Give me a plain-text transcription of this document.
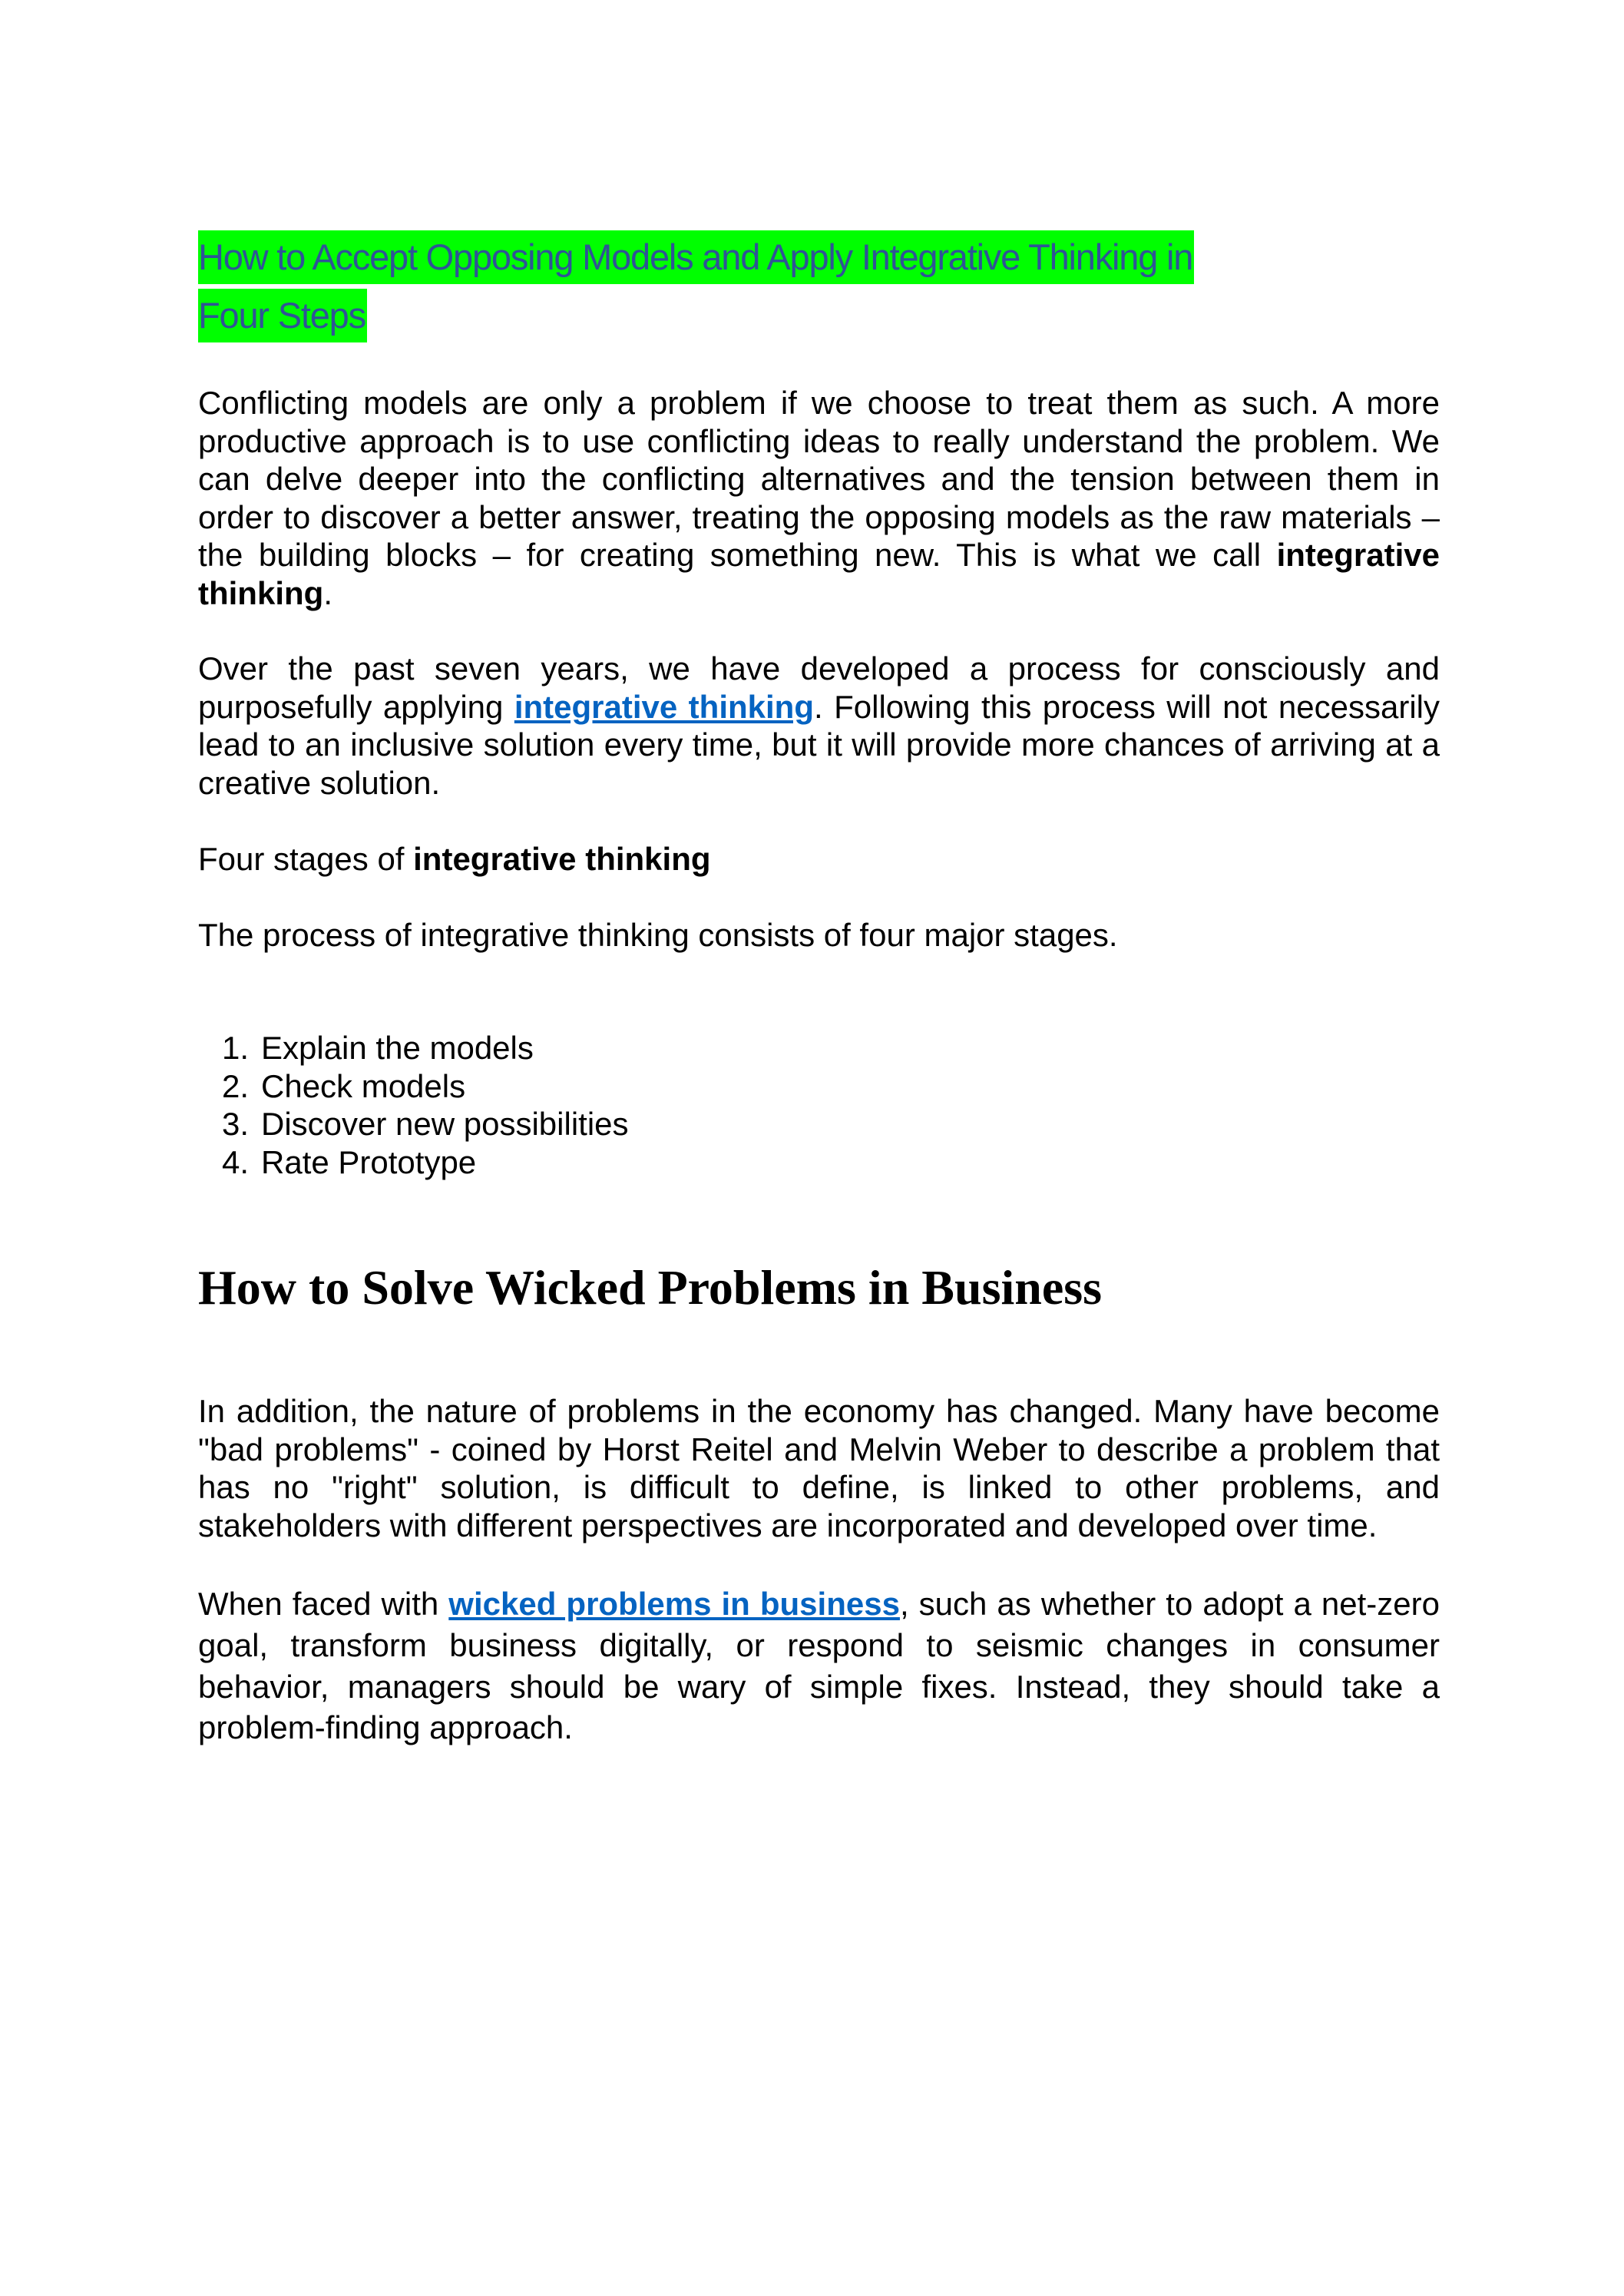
How to Accept Opposing Models and Apply Integrative Thinking in
Four Steps

Conflicting models are only a problem if we choose to treat them as such. A more productive approach is to use conflicting ideas to really understand the problem. We can delve deeper into the conflicting alternatives and the tension between them in order to discover a better answer, treating the opposing models as the raw materials – the building blocks – for creating something new. This is what we call integrative thinking.

Over the past seven years, we have developed a process for consciously and purposefully applying integrative thinking. Following this process will not necessarily lead to an inclusive solution every time, but it will provide more chances of arriving at a creative solution.

Four stages of integrative thinking

The process of integrative thinking consists of four major stages.

1. Explain the models
2. Check models
3. Discover new possibilities
4. Rate Prototype
How to Solve Wicked Problems in Business

In addition, the nature of problems in the economy has changed. Many have become "bad problems" - coined by Horst Reitel and Melvin Weber to describe a problem that has no "right" solution, is difficult to define, is linked to other problems, and stakeholders with different perspectives are incorporated and developed over time.

When faced with wicked problems in business, such as whether to adopt a net-zero goal, transform business digitally, or respond to seismic changes in consumer behavior, managers should be wary of simple fixes. Instead, they should take a problem-finding approach.
